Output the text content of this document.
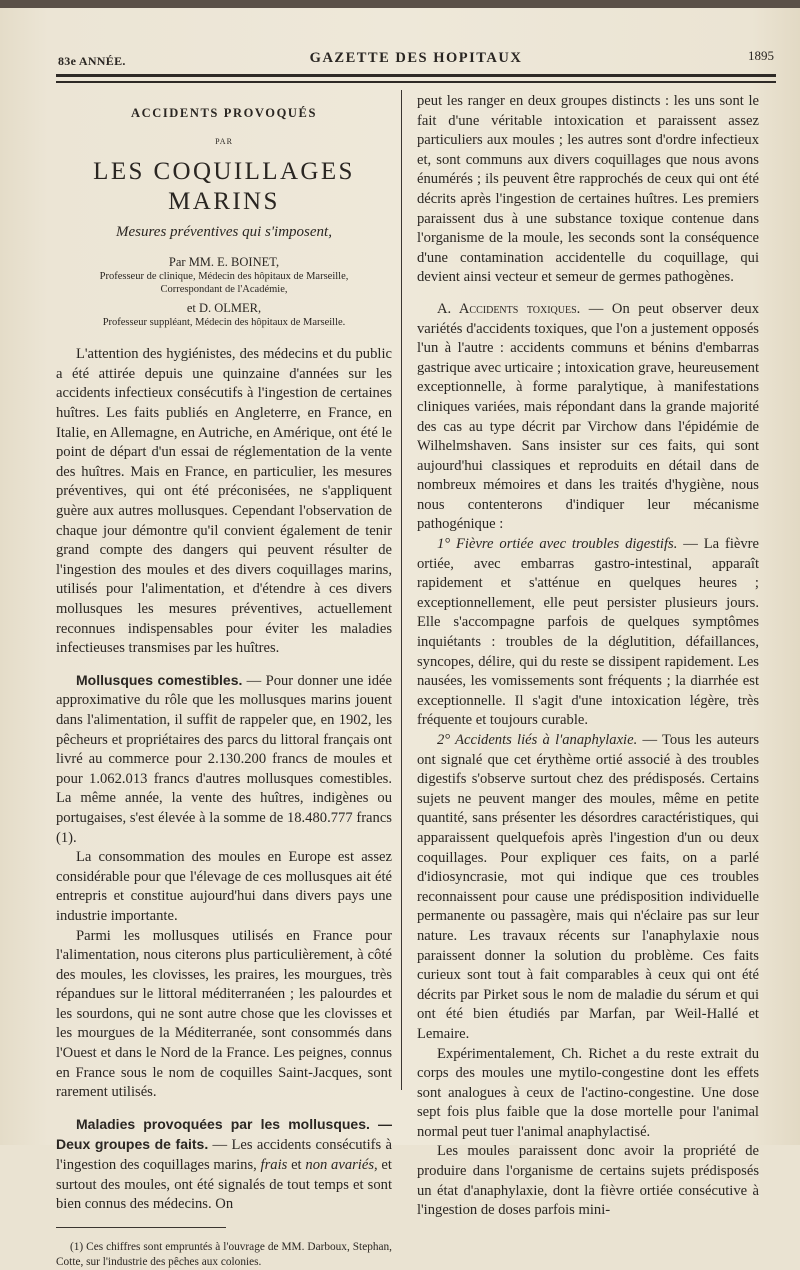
83e ANNÉE.	GAZETTE DES HOPITAUX	1895

ACCIDENTS PROVOQUÉS

PAR

LES COQUILLAGES MARINS

Mesures préventives qui s'imposent,

Par MM. E. BOINET,

Professeur de clinique, Médecin des hôpitaux de Marseille,

Correspondant de l'Académie,

et D. OLMER,

Professeur suppléant, Médecin des hôpitaux de Marseille.

L'attention des hygiénistes, des médecins et du public a été attirée depuis une quinzaine d'années sur les accidents infectieux consécutifs à l'ingestion de certaines huîtres. Les faits publiés en Angleterre, en France, en Italie, en Allemagne, en Autriche, en Amérique, ont été le point de départ d'un essai de réglementation de la vente des huîtres. Mais en France, en particulier, les mesures préventives, qui ont été préconisées, ne s'appliquent guère aux autres mollusques. Cependant l'observation de chaque jour démontre qu'il convient également de tenir grand compte des dangers qui peuvent résulter de l'ingestion des moules et des divers coquillages marins, utilisés pour l'alimentation, et d'étendre à ces divers mollusques les mesures préventives, actuellement reconnues indispensables pour éviter les maladies infectieuses transmises par les huîtres.

Mollusques comestibles. — Pour donner une idée approximative du rôle que les mollusques marins jouent dans l'alimentation, il suffit de rappeler que, en 1902, les pêcheurs et propriétaires des parcs du littoral français ont livré au commerce pour 2.130.200 francs de moules et pour 1.062.013 francs d'autres mollusques comestibles. La même année, la vente des huîtres, indigènes ou portugaises, s'est élevée à la somme de 18.480.777 francs (1).

La consommation des moules en Europe est assez considérable pour que l'élevage de ces mollusques ait été entrepris et constitue aujourd'hui dans divers pays une industrie importante.

Parmi les mollusques utilisés en France pour l'alimentation, nous citerons plus particulièrement, à côté des moules, les clovisses, les praires, les mourgues, très répandues sur le littoral méditerranéen ; les palourdes et les sourdons, qui ne sont autre chose que les clovisses et les mourgues de la Méditerranée, sont consommés dans l'Ouest et dans le Nord de la France. Les peignes, connus en France sous le nom de coquilles Saint-Jacques, sont rarement utilisés.

Maladies provoquées par les mollusques. — Deux groupes de faits. — Les accidents consécutifs à l'ingestion des coquillages marins, frais et non avariés, et surtout des moules, ont été signalés de tout temps et sont bien connus des médecins. On

(1) Ces chiffres sont empruntés à l'ouvrage de MM. Darboux, Stephan, Cotte, sur l'industrie des pêches aux colonies.

peut les ranger en deux groupes distincts : les uns sont le fait d'une véritable intoxication et paraissent assez particuliers aux moules ; les autres sont d'ordre infectieux et, sont communs aux divers coquillages que nous avons énumérés ; ils peuvent être rapprochés de ceux qui ont été décrits après l'ingestion de certaines huîtres. Les premiers paraissent dus à une substance toxique contenue dans l'organisme de la moule, les seconds sont la conséquence d'une contamination accidentelle du coquillage, qui devient ainsi vecteur et semeur de germes pathogènes.

A. Accidents toxiques. — On peut observer deux variétés d'accidents toxiques, que l'on a justement opposés l'un à l'autre : accidents communs et bénins d'embarras gastrique avec urticaire ; intoxication grave, heureusement exceptionnelle, à forme paralytique, à manifestations cliniques variées, mais répondant dans la grande majorité des cas au type décrit par Virchow dans l'épidémie de Wilhelmshaven. Sans insister sur ces faits, qui sont aujourd'hui classiques et reproduits en détail dans de nombreux mémoires et dans les traités d'hygiène, nous nous contenterons d'indiquer leur mécanisme pathogénique :

1° Fièvre ortiée avec troubles digestifs. — La fièvre ortiée, avec embarras gastro-intestinal, apparaît rapidement et s'atténue en quelques heures ; exceptionnellement, elle peut persister plusieurs jours. Elle s'accompagne parfois de quelques symptômes inquiétants : troubles de la déglutition, défaillances, syncopes, délire, qui du reste se dissipent rapidement. Les nausées, les vomissements sont fréquents ; la diarrhée est exceptionnelle. Il s'agit d'une intoxication légère, très fréquente et toujours curable.

2° Accidents liés à l'anaphylaxie. — Tous les auteurs ont signalé que cet érythème ortié associé à des troubles digestifs s'observe surtout chez des prédisposés. Certains sujets ne peuvent manger des moules, même en petite quantité, sans présenter les désordres caractéristiques, qui apparaissent quelquefois après l'ingestion d'un ou deux coquillages. Pour expliquer ces faits, on a parlé d'idiosyncrasie, mot qui indique que ces troubles reconnaissent pour cause une prédisposition individuelle permanente ou passagère, mais qui n'éclaire pas sur leur nature. Les travaux récents sur l'anaphylaxie nous paraissent donner la solution du problème. Ces faits curieux sont tout à fait comparables à ceux qui ont été décrits par Pirket sous le nom de maladie du sérum et qui ont été bien étudiés par Marfan, par Weil-Hallé et Lemaire.

Expérimentalement, Ch. Richet a du reste extrait du corps des moules une mytilo-congestine dont les effets sont analogues à ceux de l'actino-congestine. Une dose sept fois plus faible que la dose mortelle pour l'animal normal peut tuer l'animal anaphylactisé.

Les moules paraissent donc avoir la propriété de produire dans l'organisme de certains sujets prédisposés un état d'anaphylaxie, dont la fièvre ortiée consécutive à l'ingestion de doses parfois mini-
